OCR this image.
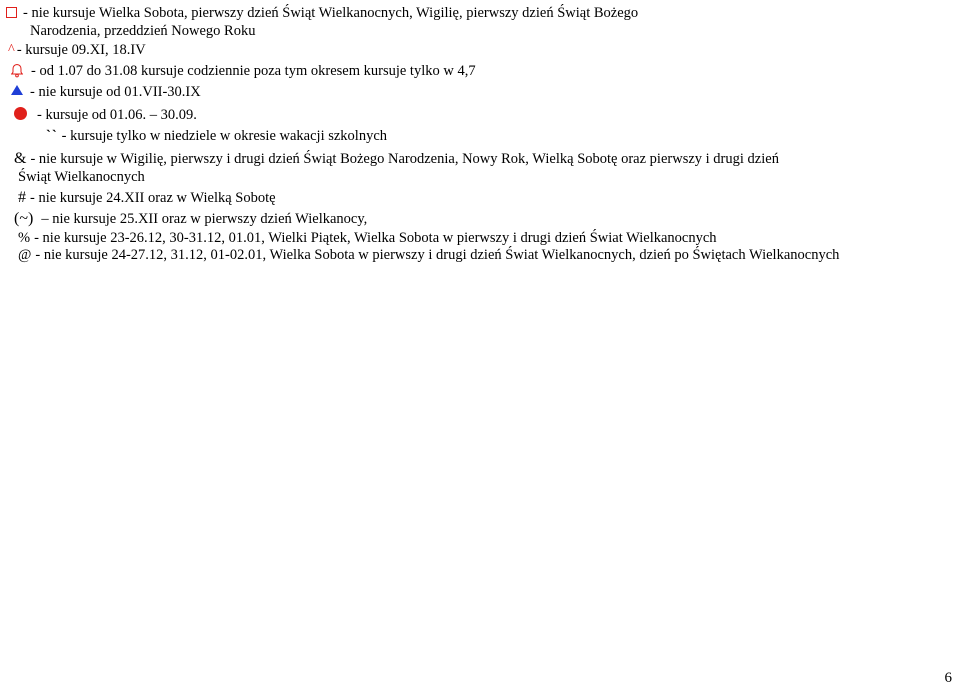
- nie kursuje Wielka Sobota, pierwszy dzień Świąt Wielkanocnych, Wigilię, pierwszy dzień Świąt Bożego
Narodzenia, przeddzień Nowego Roku
^ - kursuje 09.XI, 18.IV
- od 1.07 do 31.08 kursuje codziennie poza tym okresem kursuje tylko w 4,7
- nie kursuje od 01.VII-30.IX
- kursuje od 01.06. – 30.09.
`` - kursuje tylko w niedziele w okresie wakacji szkolnych
& - nie kursuje w Wigilię, pierwszy i drugi dzień Świąt Bożego Narodzenia, Nowy Rok, Wielką Sobotę oraz pierwszy i drugi dzień
Świąt Wielkanocnych
# - nie kursuje 24.XII oraz w Wielką Sobotę
(~) – nie kursuje 25.XII oraz w pierwszy dzień Wielkanocy,
% - nie kursuje 23-26.12, 30-31.12, 01.01, Wielki Piątek, Wielka Sobota w pierwszy i drugi dzień Świat Wielkanocnych
@ - nie kursuje 24-27.12, 31.12, 01-02.01, Wielka Sobota w pierwszy i drugi dzień Świat Wielkanocnych, dzień po Świętach Wielkanocnych
6
